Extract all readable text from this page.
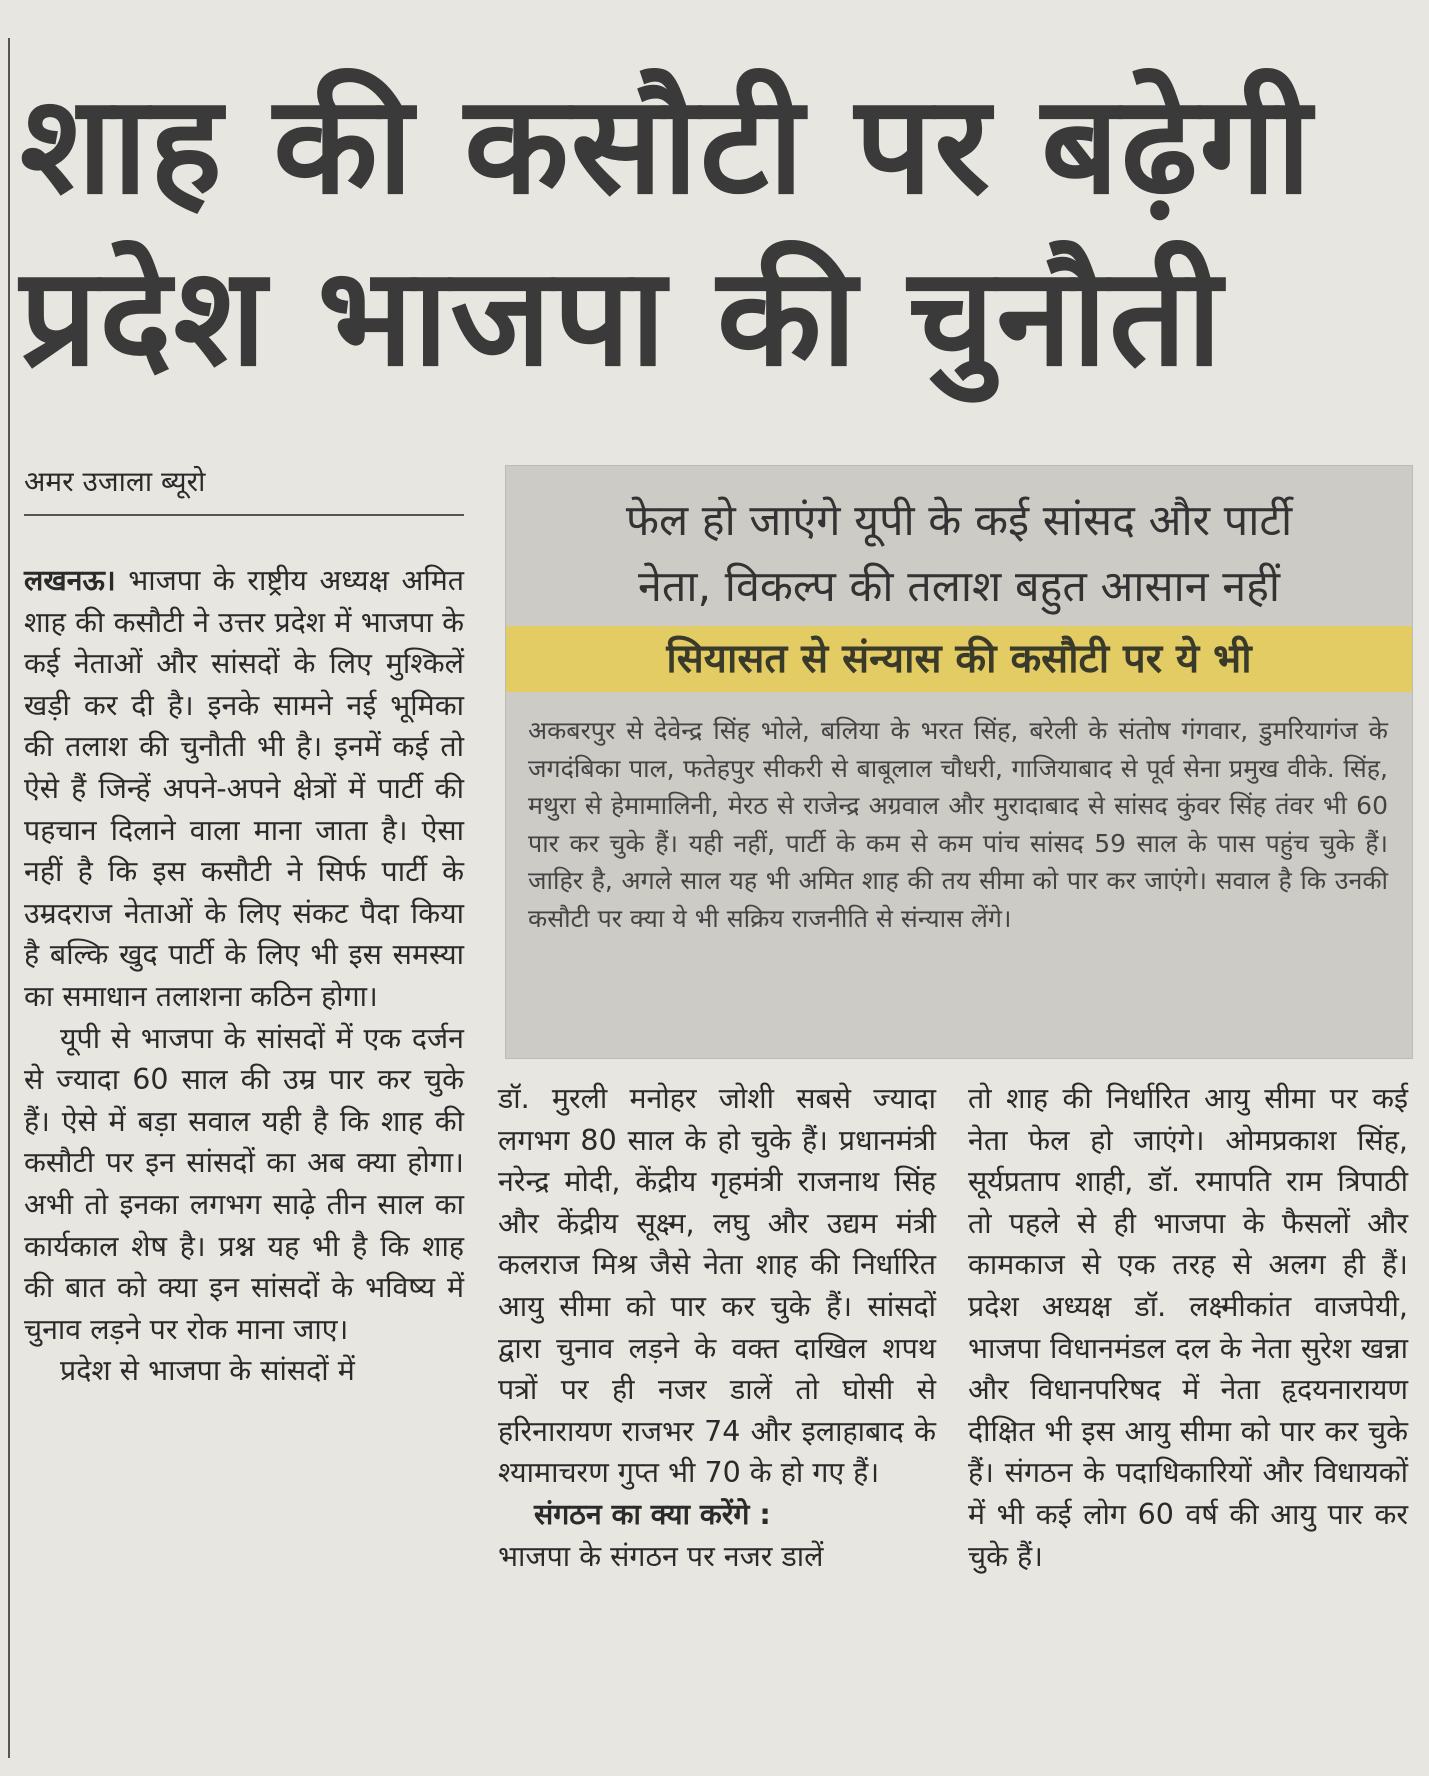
शाह की कसौटी पर बढ़ेगी
प्रदेश भाजपा की चुनौती
अमर उजाला ब्यूरो
फेल हो जाएंगे यूपी के कई सांसद और पार्टी
नेता, विकल्प की तलाश बहुत आसान नहीं
सियासत से संन्यास की कसौटी पर ये भी
अकबरपुर से देवेन्द्र सिंह भोले, बलिया के भरत सिंह, बरेली के संतोष गंगवार, डुमरियागंज के जगदंबिका पाल, फतेहपुर सीकरी से बाबूलाल चौधरी, गाजियाबाद से पूर्व सेना प्रमुख वीके. सिंह, मथुरा से हेमामालिनी, मेरठ से राजेन्द्र अग्रवाल और मुरादाबाद से सांसद कुंवर सिंह तंवर भी 60 पार कर चुके हैं। यही नहीं, पार्टी के कम से कम पांच सांसद 59 साल के पास पहुंच चुके हैं। जाहिर है, अगले साल यह भी अमित शाह की तय सीमा को पार कर जाएंगे। सवाल है कि उनकी कसौटी पर क्या ये भी सक्रिय राजनीति से संन्यास लेंगे।

लखनऊ। भाजपा के राष्ट्रीय अध्यक्ष अमित शाह की कसौटी ने उत्तर प्रदेश में भाजपा के कई नेताओं और सांसदों के लिए मुश्किलें खड़ी कर दी है। इनके सामने नई भूमिका की तलाश की चुनौती भी है। इनमें कई तो ऐसे हैं जिन्हें अपने-अपने क्षेत्रों में पार्टी की पहचान दिलाने वाला माना जाता है। ऐसा नहीं है कि इस कसौटी ने सिर्फ पार्टी के उम्रदराज नेताओं के लिए संकट पैदा किया है बल्कि खुद पार्टी के लिए भी इस समस्या का समाधान तलाशना कठिन होगा।

यूपी से भाजपा के सांसदों में एक दर्जन से ज्यादा 60 साल की उम्र पार कर चुके हैं। ऐसे में बड़ा सवाल यही है कि शाह की कसौटी पर इन सांसदों का अब क्या होगा। अभी तो इनका लगभग साढ़े तीन साल का कार्यकाल शेष है। प्रश्न यह भी है कि शाह की बात को क्या इन सांसदों के भविष्य में चुनाव लड़ने पर रोक माना जाए।

प्रदेश से भाजपा के सांसदों में

डॉ. मुरली मनोहर जोशी सबसे ज्यादा लगभग 80 साल के हो चुके हैं। प्रधानमंत्री नरेन्द्र मोदी, केंद्रीय गृहमंत्री राजनाथ सिंह और केंद्रीय सूक्ष्म, लघु और उद्यम मंत्री कलराज मिश्र जैसे नेता शाह की निर्धारित आयु सीमा को पार कर चुके हैं। सांसदों द्वारा चुनाव लड़ने के वक्त दाखिल शपथ पत्रों पर ही नजर डालें तो घोसी से हरिनारायण राजभर 74 और इलाहाबाद के श्यामाचरण गुप्त भी 70 के हो गए हैं।

संगठन का क्या करेंगे :

भाजपा के संगठन पर नजर डालें

तो शाह की निर्धारित आयु सीमा पर कई नेता फेल हो जाएंगे। ओमप्रकाश सिंह, सूर्यप्रताप शाही, डॉ. रमापति राम त्रिपाठी तो पहले से ही भाजपा के फैसलों और कामकाज से एक तरह से अलग ही हैं। प्रदेश अध्यक्ष डॉ. लक्ष्मीकांत वाजपेयी, भाजपा विधानमंडल दल के नेता सुरेश खन्ना और विधानपरिषद में नेता हृदयनारायण दीक्षित भी इस आयु सीमा को पार कर चुके हैं। संगठन के पदाधिकारियों और विधायकों में भी कई लोग 60 वर्ष की आयु पार कर चुके हैं।
